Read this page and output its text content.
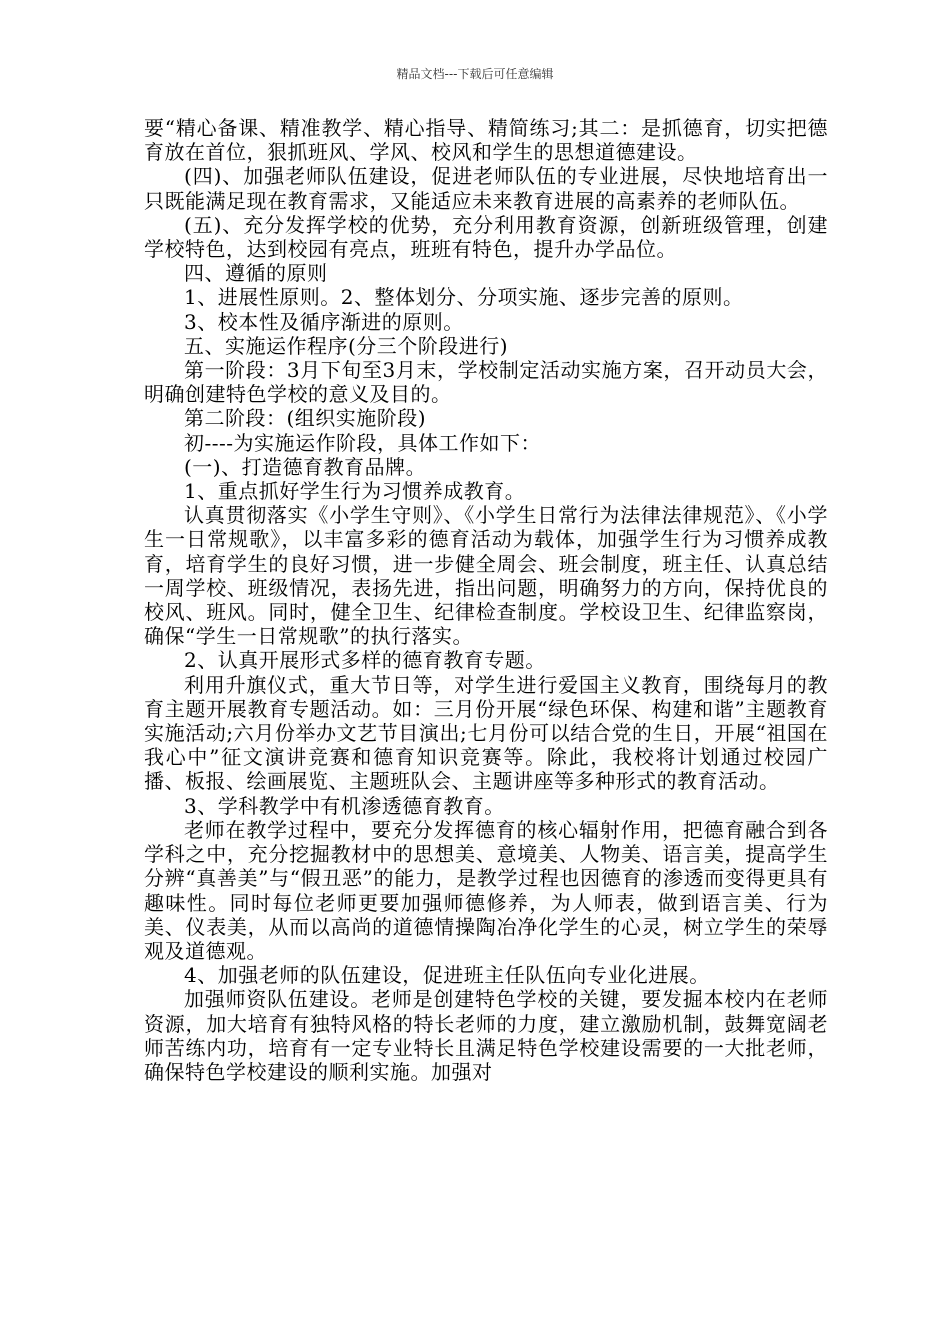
精品文档---下载后可任意编辑

要“精心备课、精准教学、精心指导、精简练习;其二：是抓德育，切实把德育放在首位，狠抓班风、学风、校风和学生的思想道德建设。

(四)、加强老师队伍建设，促进老师队伍的专业进展，尽快地培育出一只既能满足现在教育需求，又能适应未来教育进展的高素养的老师队伍。

(五)、充分发挥学校的优势，充分利用教育资源，创新班级管理，创建学校特色，达到校园有亮点，班班有特色，提升办学品位。

四、遵循的原则

1、进展性原则。2、整体划分、分项实施、逐步完善的原则。

3、校本性及循序渐进的原则。

五、实施运作程序(分三个阶段进行)

第一阶段：3月下旬至3月末，学校制定活动实施方案，召开动员大会，明确创建特色学校的意义及目的。

第二阶段：(组织实施阶段)

初----为实施运作阶段，具体工作如下：

(一)、打造德育教育品牌。

1、重点抓好学生行为习惯养成教育。

认真贯彻落实《小学生守则》、《小学生日常行为法律法律规范》、《小学生一日常规歌》，以丰富多彩的德育活动为载体，加强学生行为习惯养成教育，培育学生的良好习惯，进一步健全周会、班会制度，班主任、认真总结一周学校、班级情况，表扬先进，指出问题，明确努力的方向，保持优良的校风、班风。同时，健全卫生、纪律检查制度。学校设卫生、纪律监察岗，确保“学生一日常规歌”的执行落实。

2、认真开展形式多样的德育教育专题。

利用升旗仪式，重大节日等，对学生进行爱国主义教育，围绕每月的教育主题开展教育专题活动。如：三月份开展“绿色环保、构建和谐”主题教育实施活动;六月份举办文艺节目演出;七月份可以结合党的生日，开展“祖国在我心中”征文演讲竞赛和德育知识竞赛等。除此，我校将计划通过校园广播、板报、绘画展览、主题班队会、主题讲座等多种形式的教育活动。

3、学科教学中有机渗透德育教育。

老师在教学过程中，要充分发挥德育的核心辐射作用，把德育融合到各学科之中，充分挖掘教材中的思想美、意境美、人物美、语言美，提高学生分辨“真善美”与“假丑恶”的能力，是教学过程也因德育的渗透而变得更具有趣味性。同时每位老师更要加强师德修养，为人师表，做到语言美、行为美、仪表美，从而以高尚的道德情操陶冶净化学生的心灵，树立学生的荣辱观及道德观。

4、加强老师的队伍建设，促进班主任队伍向专业化进展。

加强师资队伍建设。老师是创建特色学校的关键，要发掘本校内在老师资源，加大培育有独特风格的特长老师的力度，建立激励机制，鼓舞宽阔老师苦练内功，培育有一定专业特长且满足特色学校建设需要的一大批老师，确保特色学校建设的顺利实施。加强对
